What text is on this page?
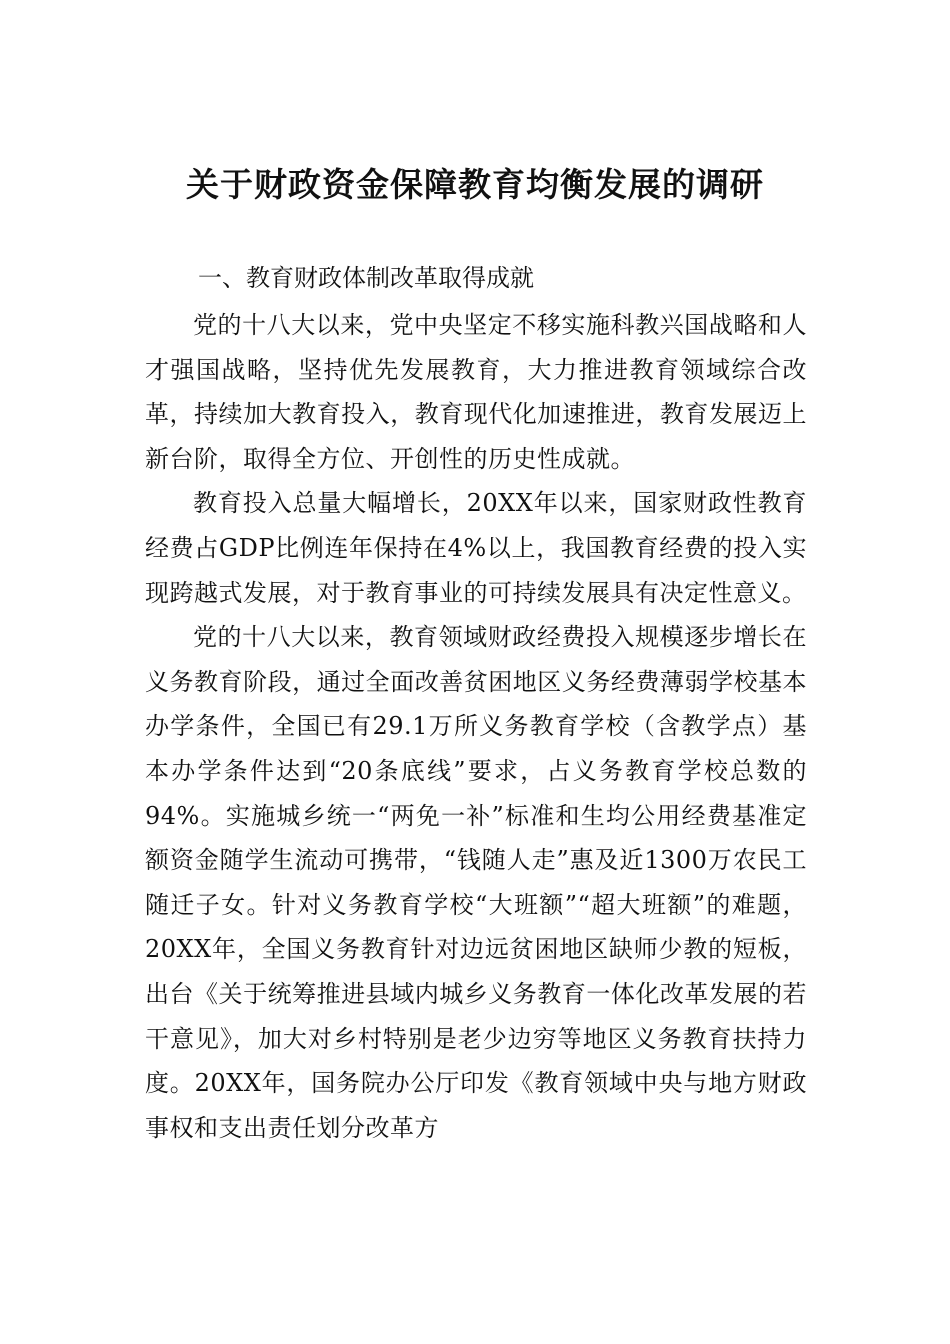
关于财政资金保障教育均衡发展的调研
一、教育财政体制改革取得成就

党的十八大以来，党中央坚定不移实施科教兴国战略和人才强国战略，坚持优先发展教育，大力推进教育领域综合改革，持续加大教育投入，教育现代化加速推进，教育发展迈上新台阶，取得全方位、开创性的历史性成就。

教育投入总量大幅增长，20XX年以来，国家财政性教育经费占GDP比例连年保持在4%以上，我国教育经费的投入实现跨越式发展，对于教育事业的可持续发展具有决定性意义。

党的十八大以来，教育领域财政经费投入规模逐步增长在义务教育阶段，通过全面改善贫困地区义务经费薄弱学校基本办学条件，全国已有29.1万所义务教育学校（含教学点）基本办学条件达到“20条底线”要求，占义务教育学校总数的94%。实施城乡统一“两免一补”标准和生均公用经费基准定额资金随学生流动可携带，“钱随人走”惠及近1300万农民工随迁子女。针对义务教育学校“大班额”“超大班额”的难题，20XX年，全国义务教育针对边远贫困地区缺师少教的短板，出台《关于统筹推进县域内城乡义务教育一体化改革发展的若干意见》，加大对乡村特别是老少边穷等地区义务教育扶持力度。20XX年，国务院办公厅印发《教育领域中央与地方财政事权和支出责任划分改革方
